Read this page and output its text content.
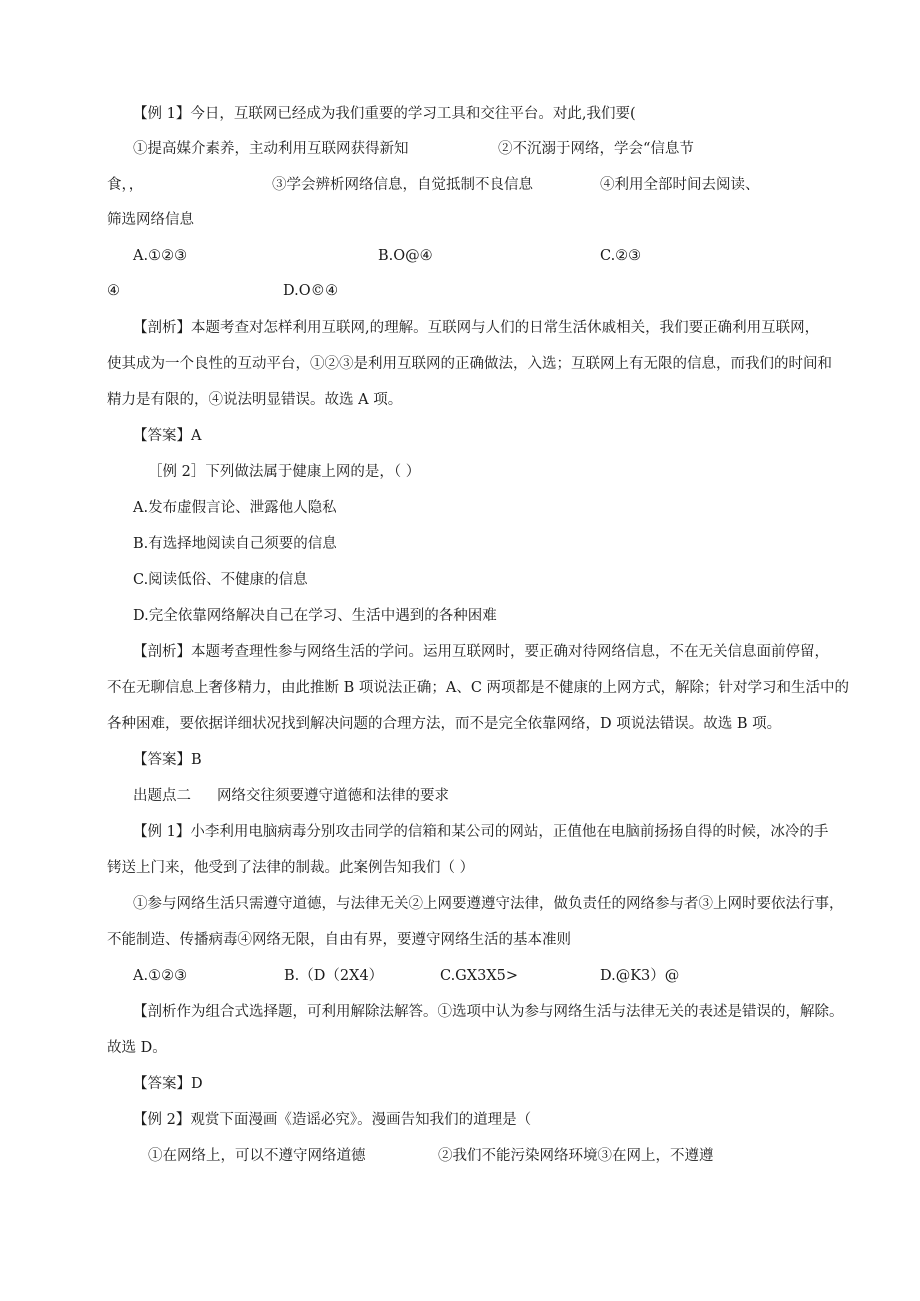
【例 1】今日，互联网已经成为我们重要的学习工具和交往平台。对此,我们要(
①提高媒介素养，主动利用互联网获得新知	②不沉溺于网络，学会“信息节
食，，	③学会辨析网络信息，自觉抵制不良信息	④利用全部时间去阅读、
筛选网络信息
A.①②③	B.O@④	C.②③
④	D.O©④
【剖析】本题考查对怎样利用互联网,的理解。互联网与人们的日常生活休戚相关，我们要正确利用互联网，
使其成为一个良性的互动平台，①②③是利用互联网的正确做法，入选；互联网上有无限的信息，而我们的时间和
精力是有限的，④说法明显错误。故选 A 项。
【答案】A
［例 2］下列做法属于健康上网的是，（ ）
A.发布虚假言论、泄露他人隐私
B.有选择地阅读自己须要的信息
C.阅读低俗、不健康的信息
D.完全依靠网络解决自己在学习、生活中遇到的各种困难
【剖析】本题考查理性参与网络生活的学问。运用互联网时，要正确对待网络信息，不在无关信息面前停留，
不在无聊信息上奢侈精力，由此推断 B 项说法正确；A、C 两项都是不健康的上网方式，解除；针对学习和生活中的
各种困难，要依据详细状况找到解决问题的合理方法，而不是完全依靠网络，D 项说法错误。故选 B 项。
【答案】B
出题点二 网络交往须要遵守道德和法律的要求
【例 1】小李利用电脑病毒分别攻击同学的信箱和某公司的网站，正值他在电脑前扬扬自得的时候，冰冷的手
铐送上门来，他受到了法律的制裁。此案例告知我们（ ）
①参与网络生活只需遵守道德，与法律无关②上网要遵遵守法律，做负责任的网络参与者③上网时要依法行事，
不能制造、传播病毒④网络无限，自由有界，要遵守网络生活的基本准则
A.①②③	B.（D（2X4）	C.GX3X5>	D.@K3）@
【剖析作为组合式选择题，可利用解除法解答。①选项中认为参与网络生活与法律无关的表述是错误的，解除。
故选 D。
【答案】D
【例 2】观赏下面漫画《造谣必究》。漫画告知我们的道理是（
①在网络上，可以不遵守网络道德	②我们不能污染网络环境③在网上，不遵遵
